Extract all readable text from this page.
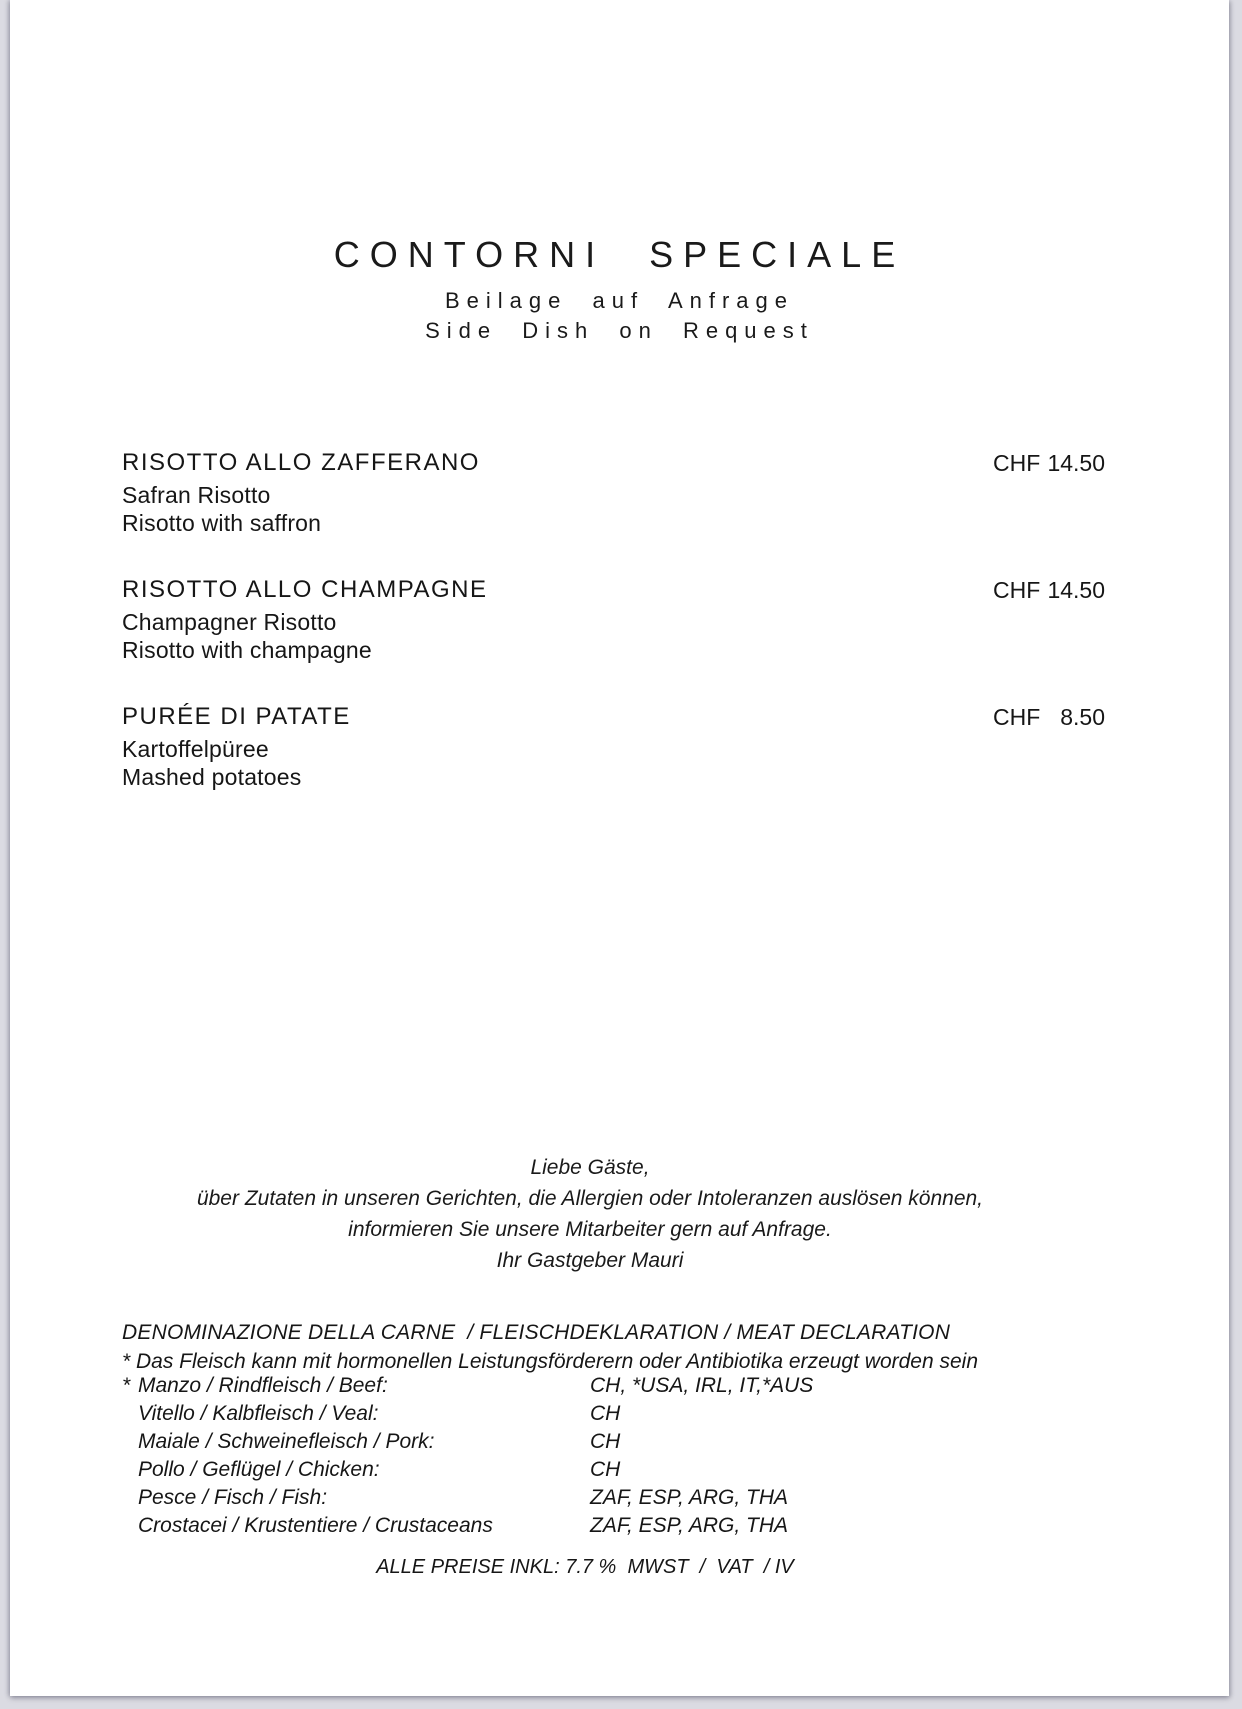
CONTORNI SPECIALE
Beilage auf Anfrage
Side Dish on Request
RISOTTO ALLO ZAFFERANO
Safran Risotto
Risotto with saffron
CHF 14.50
RISOTTO ALLO CHAMPAGNE
Champagner Risotto
Risotto with champagne
CHF 14.50
PURÉE DI PATATE
Kartoffelpüree
Mashed potatoes
CHF 8.50
Liebe Gäste,
über Zutaten in unseren Gerichten, die Allergien oder Intoleranzen auslösen können,
informieren Sie unsere Mitarbeiter gern auf Anfrage.
Ihr Gastgeber Mauri
DENOMINAZIONE DELLA CARNE  / FLEISCHDEKLARATION / MEAT DECLARATION
* Das Fleisch kann mit hormonellen Leistungsförderern oder Antibiotika erzeugt worden sein
* Manzo / Rindfleisch / Beef:	CH, *USA, IRL, IT,*AUS
Vitello / Kalbfleisch / Veal:	CH
Maiale / Schweinefleisch / Pork:	CH
Pollo / Geflügel / Chicken:	CH
Pesce / Fisch / Fish:	ZAF, ESP, ARG, THA
Crostacei / Krustentiere / Crustaceans	ZAF, ESP, ARG, THA
ALLE PREISE INKL: 7.7 %  MWST  /  VAT  / IV
